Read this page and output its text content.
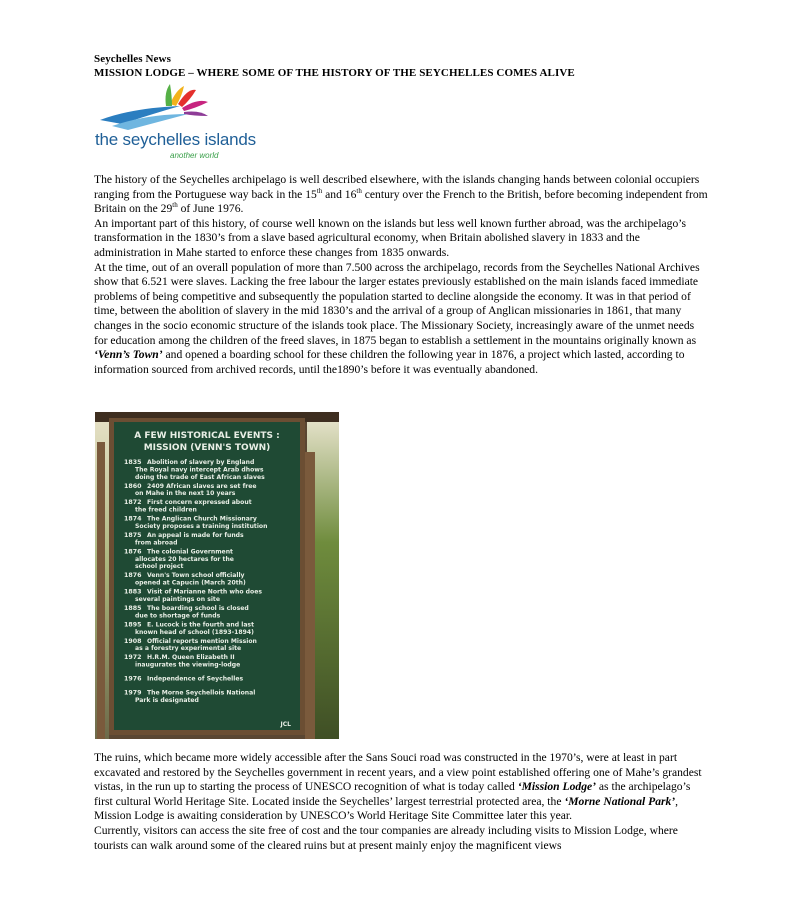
Seychelles News
MISSION LODGE – WHERE SOME OF THE HISTORY OF THE SEYCHELLES COMES ALIVE
the seychelles islands
another world

The history of the Seychelles archipelago is well described elsewhere, with the islands changing hands between colonial occupiers ranging from the Portuguese way back in the 15th and 16th century over the French to the British, before becoming independent from Britain on the 29th of June 1976.

An important part of this history, of course well known on the islands but less well known further abroad, was the archipelago’s transformation in the 1830’s from a slave based agricultural economy, when Britain abolished slavery in 1833 and the administration in Mahe started to enforce these changes from 1835 onwards.

At the time, out of an overall population of more than 7.500 across the archipelago, records from the Seychelles National Archives show that 6.521 were slaves. Lacking the free labour the larger estates previously established on the main islands faced immediate problems of being competitive and subsequently the population started to decline alongside the economy. It was in that period of time, between the abolition of slavery in the mid 1830’s and the arrival of a group of Anglican missionaries in 1861, that many changes in the socio economic structure of the islands took place. The Missionary Society, increasingly aware of the unmet needs for education among the children of the freed slaves, in 1875 began to establish a settlement in the mountains originally known as ‘Venn’s Town’ and opened a boarding school for these children the following year in 1876, a project which lasted, according to information sourced from archived records, until the1890’s before it was eventually abandoned.

A FEW HISTORICAL EVENTS :
MISSION (VENN'S TOWN)
1835 Abolition of slavery by England
The Royal navy intercept Arab dhows
doing the trade of East African slaves
1860 2409 African slaves are set free
on Mahe in the next 10 years
1872 First concern expressed about
the freed children
1874 The Anglican Church Missionary
Society proposes a training institution
1875 An appeal is made for funds
from abroad
1876 The colonial Government
allocates 20 hectares for the
school project
1876 Venn's Town school officially
opened at Capucin (March 20th)
1883 Visit of Marianne North who does
several paintings on site
1885 The boarding school is closed
due to shortage of funds
1895 E. Lucock is the fourth and last
known head of school (1893-1894)
1908 Official reports mention Mission
as a forestry experimental site
1972 H.R.M. Queen Elizabeth II
inaugurates the viewing-lodge
1976 Independence of Seychelles
1979 The Morne Seychellois National
Park is designated
JCL

The ruins, which became more widely accessible after the Sans Souci road was constructed in the 1970’s, were at least in part excavated and restored by the Seychelles government in recent years, and a view point established offering one of Mahe’s grandest vistas, in the run up to starting the process of UNESCO recognition of what is today called ‘Mission Lodge’ as the archipelago’s first cultural World Heritage Site. Located inside the Seychelles’ largest terrestrial protected area, the ‘Morne National Park’, Mission Lodge is awaiting consideration by UNESCO’s World Heritage Site Committee later this year.

Currently, visitors can access the site free of cost and the tour companies are already including visits to Mission Lodge, where tourists can walk around some of the cleared ruins but at present mainly enjoy the magnificent views
